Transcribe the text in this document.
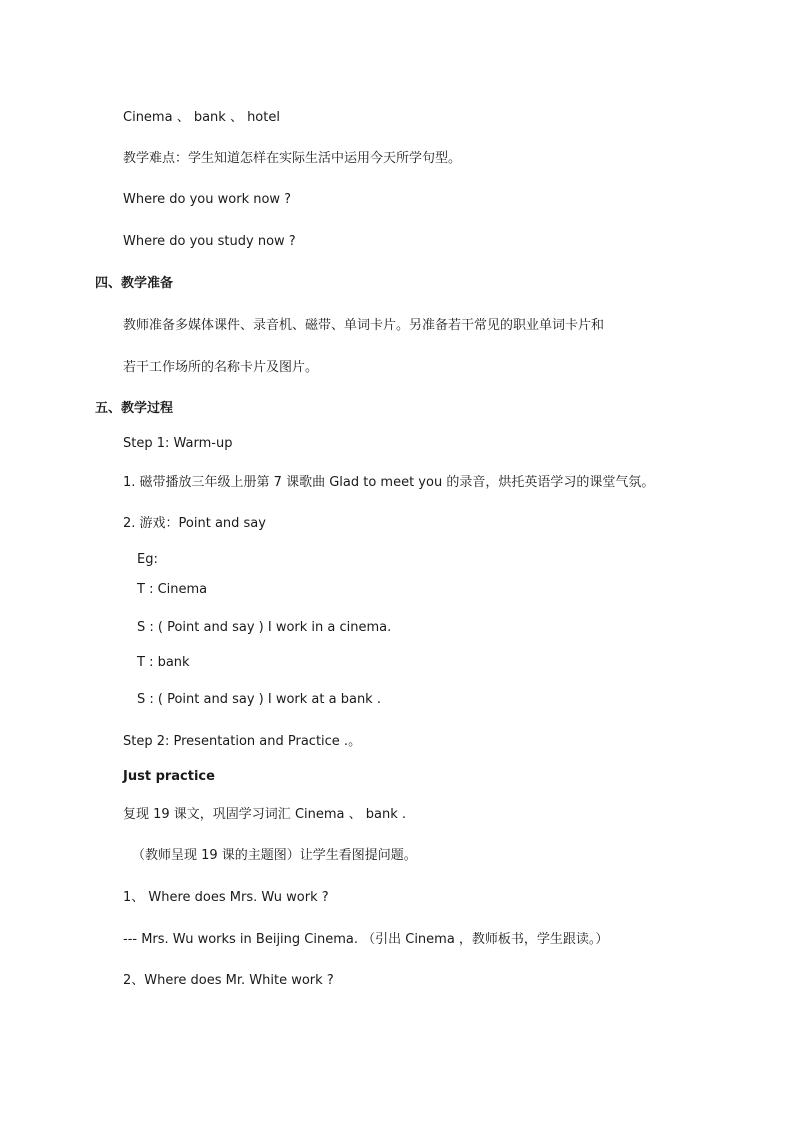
Cinema 、 bank 、 hotel
教学难点：学生知道怎样在实际生活中运用今天所学句型。
Where do you work now ?
Where do you study now ?
四、教学准备
教师准备多媒体课件、录音机、磁带、单词卡片。另准备若干常见的职业单词卡片和
若干工作场所的名称卡片及图片。
五、教学过程
Step 1: Warm-up
1. 磁带播放三年级上册第 7 课歌曲 Glad to meet you 的录音，烘托英语学习的课堂气氛。
2. 游戏：Point and say
Eg:
T : Cinema
S : ( Point and say ) I work in a cinema.
T : bank
S : ( Point and say ) I work at a bank .
Step 2: Presentation and Practice .。
Just practice
复现 19 课文，巩固学习词汇 Cinema 、 bank .
（教师呈现 19 课的主题图）让学生看图提问题。
1、 Where does Mrs. Wu work ?
--- Mrs. Wu works in Beijing Cinema. （引出 Cinema ，教师板书，学生跟读。）
2、Where does Mr. White work ?
